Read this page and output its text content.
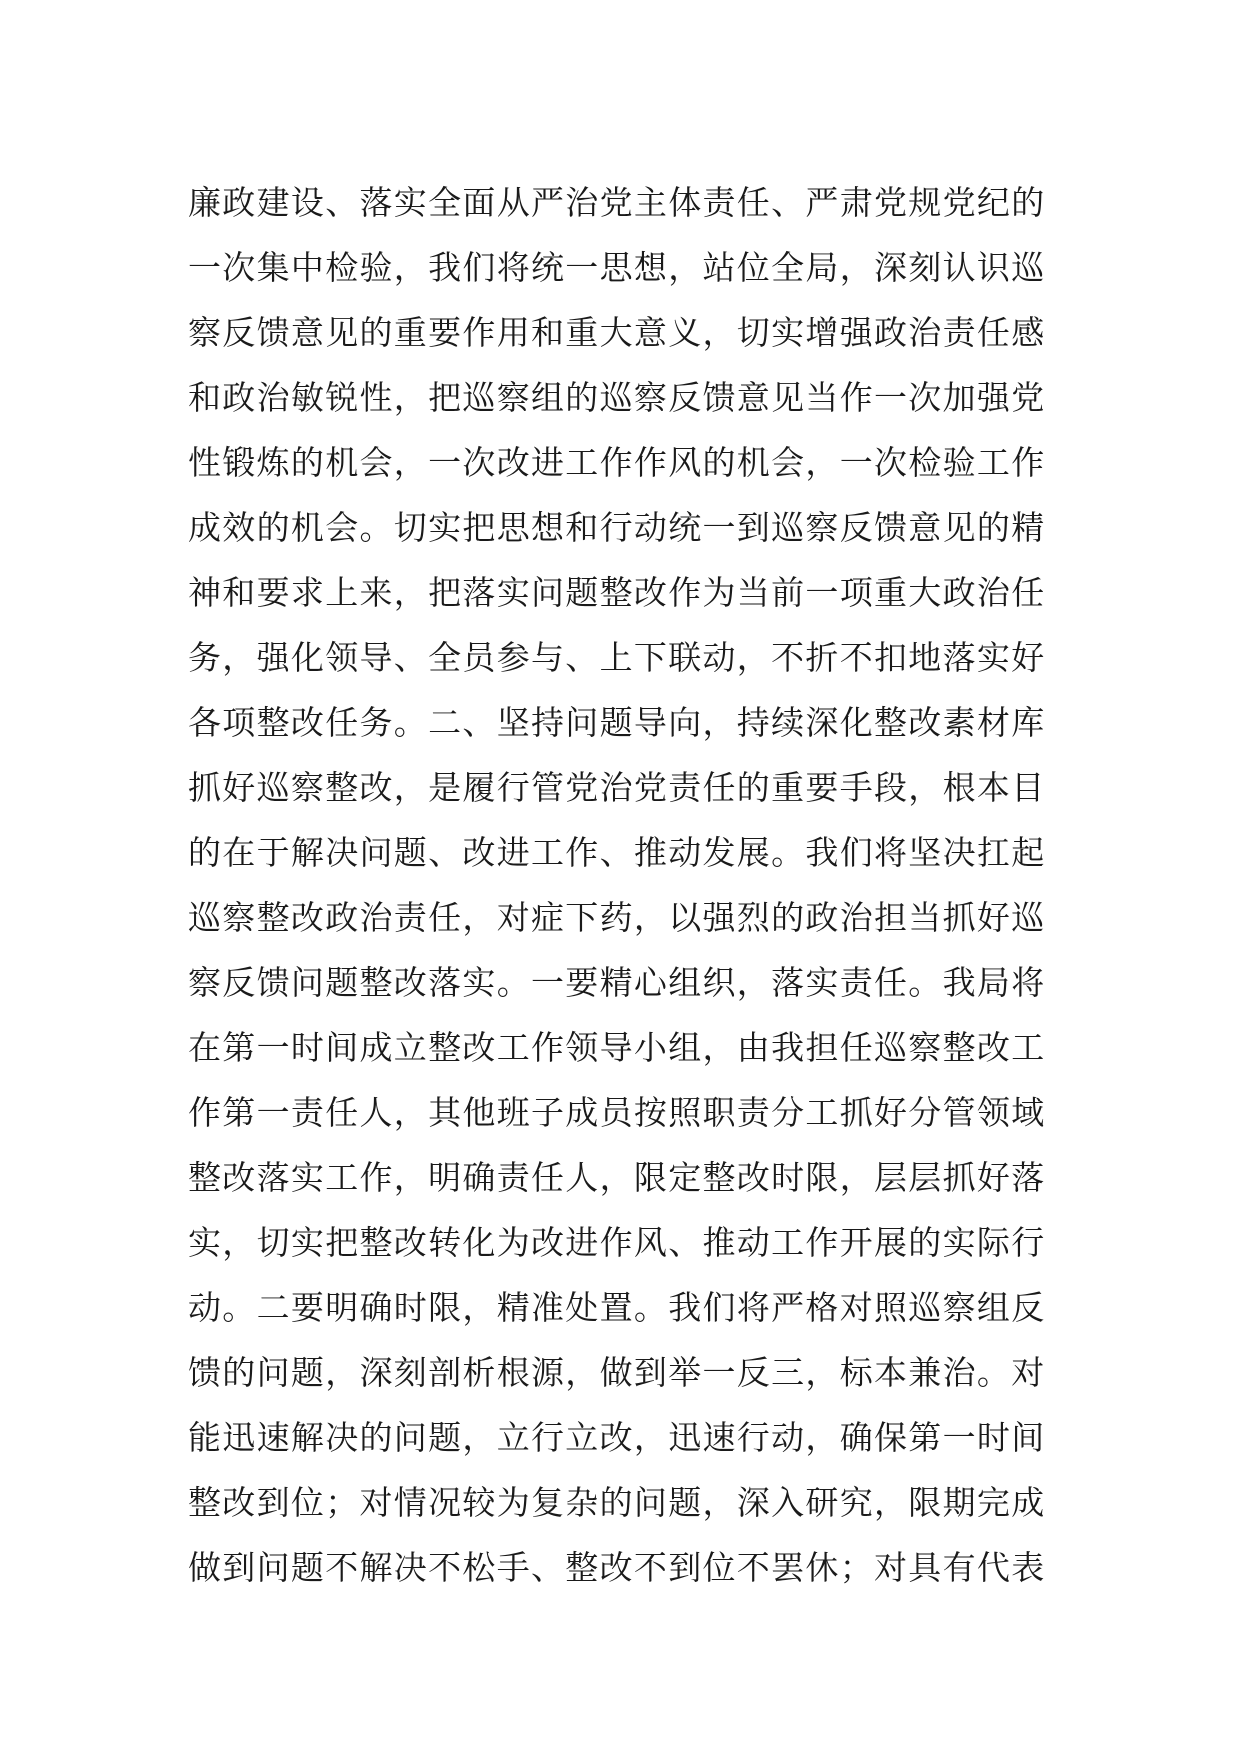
廉政建设、落实全面从严治党主体责任、严肃党规党纪的
一次集中检验，我们将统一思想，站位全局，深刻认识巡
察反馈意见的重要作用和重大意义，切实增强政治责任感
和政治敏锐性，把巡察组的巡察反馈意见当作一次加强党
性锻炼的机会，一次改进工作作风的机会，一次检验工作
成效的机会。切实把思想和行动统一到巡察反馈意见的精
神和要求上来，把落实问题整改作为当前一项重大政治任
务，强化领导、全员参与、上下联动，不折不扣地落实好
各项整改任务。二、坚持问题导向，持续深化整改素材库
抓好巡察整改，是履行管党治党责任的重要手段，根本目
的在于解决问题、改进工作、推动发展。我们将坚决扛起
巡察整改政治责任，对症下药，以强烈的政治担当抓好巡
察反馈问题整改落实。一要精心组织，落实责任。我局将
在第一时间成立整改工作领导小组，由我担任巡察整改工
作第一责任人，其他班子成员按照职责分工抓好分管领域
整改落实工作，明确责任人，限定整改时限，层层抓好落
实，切实把整改转化为改进作风、推动工作开展的实际行
动。二要明确时限，精准处置。我们将严格对照巡察组反
馈的问题，深刻剖析根源，做到举一反三，标本兼治。对
能迅速解决的问题，立行立改，迅速行动，确保第一时间
整改到位；对情况较为复杂的问题，深入研究，限期完成
做到问题不解决不松手、整改不到位不罢休；对具有代表
